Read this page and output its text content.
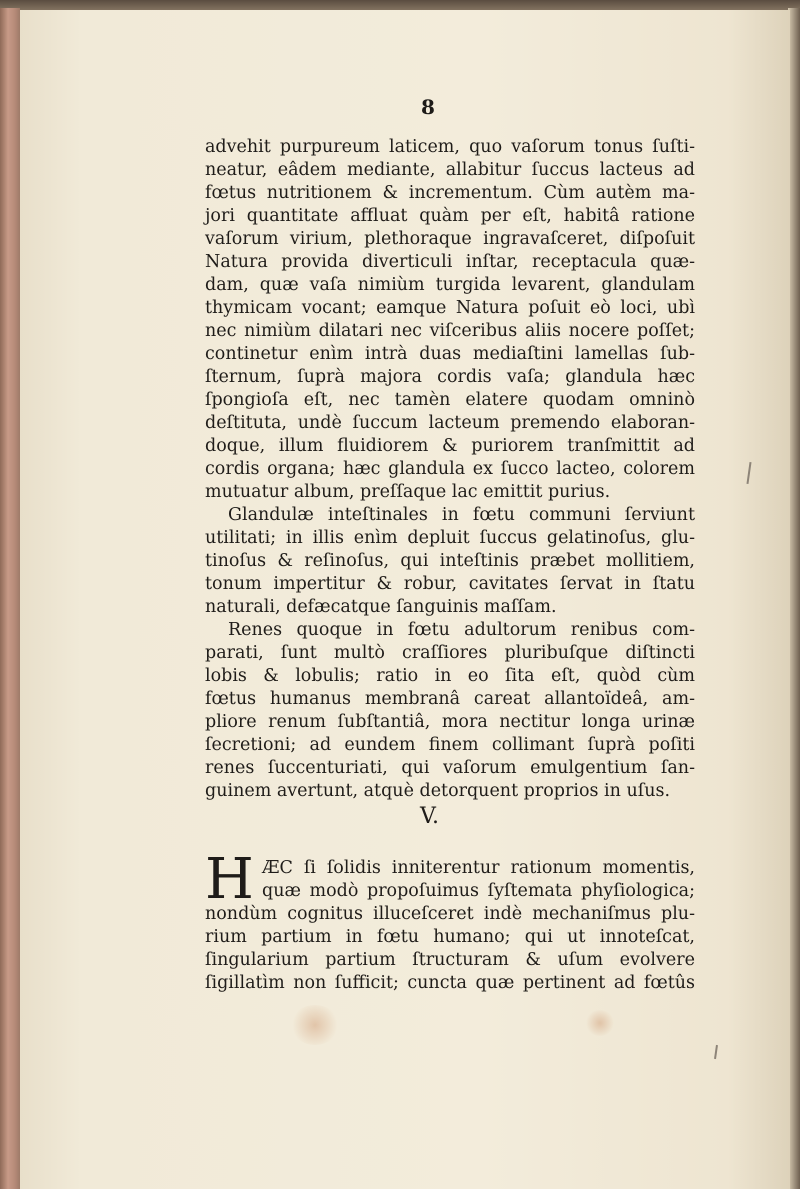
8
advehit purpureum laticem, quo vaſorum tonus ſuſti-
neatur, eâdem mediante, allabitur ſuccus lacteus ad
fœtus nutritionem & incrementum. Cùm autèm ma-
jori quantitate affluat quàm per eſt, habitâ ratione
vaſorum virium, plethoraque ingravaſceret, diſpoſuit
Natura provida diverticuli inſtar, receptacula quæ-
dam, quæ vaſa nimiùm turgida levarent, glandulam
thymicam vocant; eamque Natura poſuit eò loci, ubì
nec nimiùm dilatari nec viſceribus aliis nocere poſſet;
continetur enìm intrà duas mediaſtini lamellas ſub-
ſternum, ſuprà majora cordis vaſa; glandula hæc
ſpongioſa eſt, nec tamèn elatere quodam omninò
deſtituta, undè ſuccum lacteum premendo elaboran-
doque, illum fluidiorem & puriorem tranſmittit ad
cordis organa; hæc glandula ex ſucco lacteo, colorem
mutuatur album, preſſaque lac emittit purius.
Glandulæ inteſtinales in fœtu communi ſerviunt
utilitati; in illis enìm depluit ſuccus gelatinoſus, glu-
tinoſus & reſinoſus, qui inteſtinis præbet mollitiem,
tonum impertitur & robur, cavitates ſervat in ſtatu
naturali, defæcatque ſanguinis maſſam.
Renes quoque in fœtu adultorum renibus com-
parati, ſunt multò craſſiores pluribuſque diſtincti
lobis & lobulis; ratio in eo ſita eſt, quòd cùm
fœtus humanus membranâ careat allantoïdeâ, am-
pliore renum ſubſtantiâ, mora nectitur longa urinæ
ſecretioni; ad eundem finem collimant ſuprà poſiti
renes ſuccenturiati, qui vaſorum emulgentium ſan-
guinem avertunt, atquè detorquent proprios in uſus.
V.
H ÆC ſi ſolidis inniterentur rationum momentis,
quæ modò propoſuimus ſyſtemata phyſiologica;
nondùm cognitus illuceſceret indè mechaniſmus plu-
rium partium in fœtu humano; qui ut innoteſcat,
ſingularium partium ſtructuram & uſum evolvere
ſigillatìm non ſufficit; cuncta quæ pertinent ad fœtûs
